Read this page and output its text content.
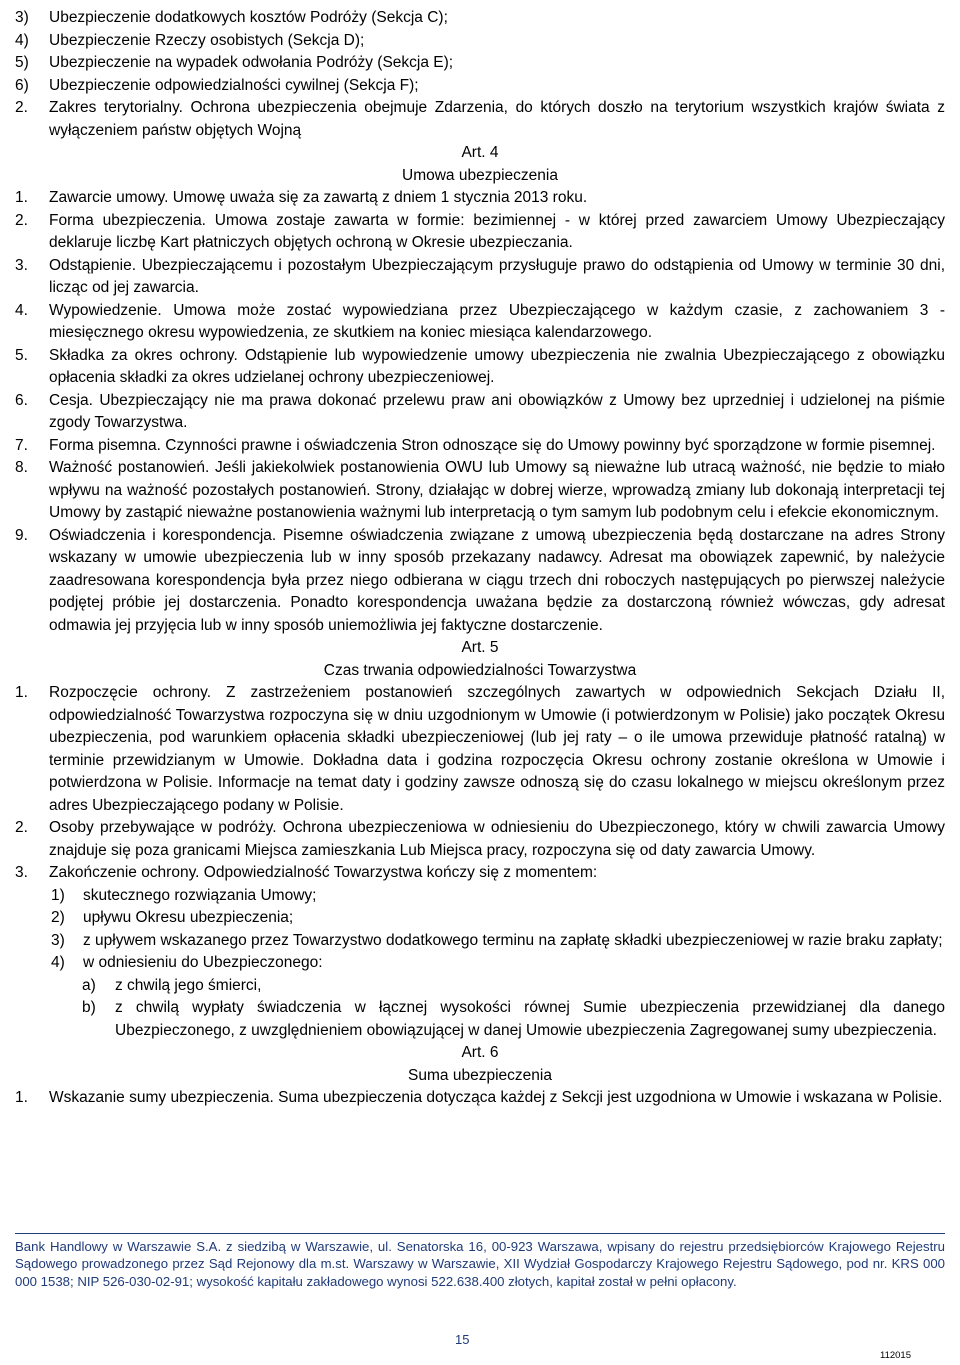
3) Ubezpieczenie dodatkowych kosztów Podróży (Sekcja C);
4) Ubezpieczenie Rzeczy osobistych (Sekcja D);
5) Ubezpieczenie na wypadek odwołania Podróży (Sekcja E);
6) Ubezpieczenie odpowiedzialności cywilnej (Sekcja F);
2. Zakres terytorialny. Ochrona ubezpieczenia obejmuje Zdarzenia, do których doszło na terytorium wszystkich krajów świata z wyłączeniem państw objętych Wojną
Art. 4
Umowa ubezpieczenia
1. Zawarcie umowy. Umowę uważa się za zawartą z dniem 1 stycznia 2013 roku.
2. Forma ubezpieczenia. Umowa zostaje zawarta w formie: bezimiennej - w której przed zawarciem Umowy Ubezpieczający deklaruje liczbę Kart płatniczych objętych ochroną w Okresie ubezpieczania.
3. Odstąpienie. Ubezpieczającemu i pozostałym Ubezpieczającym przysługuje prawo do odstąpienia od Umowy w terminie 30 dni, licząc od jej zawarcia.
4. Wypowiedzenie. Umowa może zostać wypowiedziana przez Ubezpieczającego w każdym czasie, z zachowaniem 3 - miesięcznego okresu wypowiedzenia, ze skutkiem na koniec miesiąca kalendarzowego.
5. Składka za okres ochrony. Odstąpienie lub wypowiedzenie umowy ubezpieczenia nie zwalnia Ubezpieczającego z obowiązku opłacenia składki za okres udzielanej ochrony ubezpieczeniowej.
6. Cesja. Ubezpieczający nie ma prawa dokonać przelewu praw ani obowiązków z Umowy bez uprzedniej i udzielonej na piśmie zgody Towarzystwa.
7. Forma pisemna. Czynności prawne i oświadczenia Stron odnoszące się do Umowy powinny być sporządzone w formie pisemnej.
8. Ważność postanowień. Jeśli jakiekolwiek postanowienia OWU lub Umowy są nieważne lub utracą ważność, nie będzie to miało wpływu na ważność pozostałych postanowień. Strony, działając w dobrej wierze, wprowadzą zmiany lub dokonają interpretacji tej Umowy by zastąpić nieważne postanowienia ważnymi lub interpretacją o tym samym lub podobnym celu i efekcie ekonomicznym.
9. Oświadczenia i korespondencja. Pisemne oświadczenia związane z umową ubezpieczenia będą dostarczane na adres Strony wskazany w umowie ubezpieczenia lub w inny sposób przekazany nadawcy. Adresat ma obowiązek zapewnić, by należycie zaadresowana korespondencja była przez niego odbierana w ciągu trzech dni roboczych następujących po pierwszej należycie podjętej próbie jej dostarczenia. Ponadto korespondencja uważana będzie za dostarczoną również wówczas, gdy adresat odmawia jej przyjęcia lub w inny sposób uniemożliwia jej faktyczne dostarczenie.
Art. 5
Czas trwania odpowiedzialności Towarzystwa
1. Rozpoczęcie ochrony. Z zastrzeżeniem postanowień szczególnych zawartych w odpowiednich Sekcjach Działu II, odpowiedzialność Towarzystwa rozpoczyna się w dniu uzgodnionym w Umowie (i potwierdzonym w Polisie) jako początek Okresu ubezpieczenia, pod warunkiem opłacenia składki ubezpieczeniowej (lub jej raty – o ile umowa przewiduje płatność ratalną) w terminie przewidzianym w Umowie. Dokładna data i godzina rozpoczęcia Okresu ochrony zostanie określona w Umowie i potwierdzona w Polisie. Informacje na temat daty i godziny zawsze odnoszą się do czasu lokalnego w miejscu określonym przez adres Ubezpieczającego podany w Polisie.
2. Osoby przebywające w podróży. Ochrona ubezpieczeniowa w odniesieniu do Ubezpieczonego, który w chwili zawarcia Umowy znajduje się poza granicami Miejsca zamieszkania Lub Miejsca pracy, rozpoczyna się od daty zawarcia Umowy.
3. Zakończenie ochrony. Odpowiedzialność Towarzystwa kończy się z momentem:
1) skutecznego rozwiązania Umowy;
2) upływu Okresu ubezpieczenia;
3) z upływem wskazanego przez Towarzystwo dodatkowego terminu na zapłatę składki ubezpieczeniowej w razie braku zapłaty;
4) w odniesieniu do Ubezpieczonego:
a) z chwilą jego śmierci,
b) z chwilą wypłaty świadczenia w łącznej wysokości równej Sumie ubezpieczenia przewidzianej dla danego Ubezpieczonego, z uwzględnieniem obowiązującej w danej Umowie ubezpieczenia Zagregowanej sumy ubezpieczenia.
Art. 6
Suma ubezpieczenia
1. Wskazanie sumy ubezpieczenia. Suma ubezpieczenia dotycząca każdej z Sekcji jest uzgodniona w Umowie i wskazana w Polisie.
Bank Handlowy w Warszawie S.A. z siedzibą w Warszawie, ul. Senatorska 16, 00-923 Warszawa, wpisany do rejestru przedsiębiorców Krajowego Rejestru Sądowego prowadzonego przez Sąd Rejonowy dla m.st. Warszawy w Warszawie, XII Wydział Gospodarczy Krajowego Rejestru Sądowego, pod nr. KRS 000 000 1538; NIP 526-030-02-91; wysokość kapitału zakładowego wynosi 522.638.400 złotych, kapitał został w pełni opłacony.
15
112015
